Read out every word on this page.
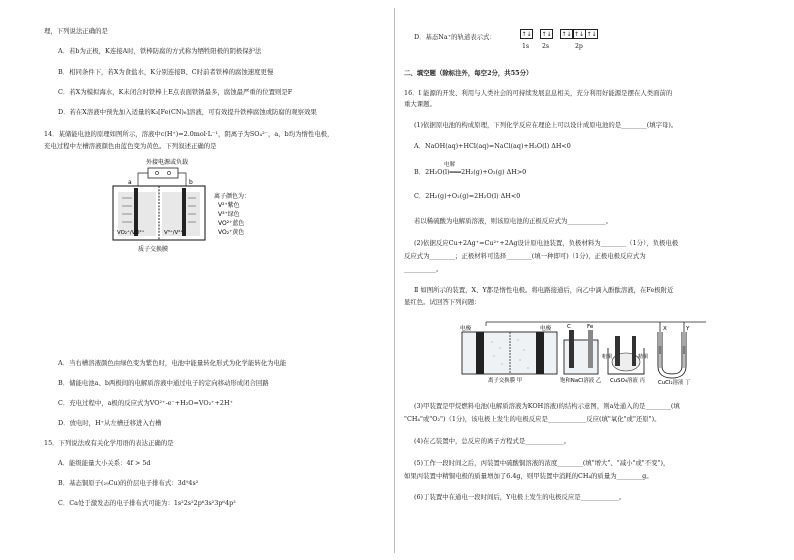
理，下列说法正确的是
A．若b为正极，K连接A时，铁棒防腐的方式称为牺牲阳极的阴极保护法
B．相同条件下，若X为食盐水，K分别连接B、C时前者铁棒的腐蚀速度更慢
C．若X为模拟海水，K未闭合时铁棒上E点表面铁锈最多，腐蚀最严重的位置则是F
D．若在X溶液中预先加入适量的K₃[Fe(CN)₆]溶液，可有效提升铁棒腐蚀或防腐的观察效果
14．某储能电池的原理如图所示，溶液中c(H⁺)=2.0mol·L⁻¹，阴离子为SO₄²⁻，a、b均为惰性电极，
充电过程中左槽溶液颜色由蓝色变为黄色。下列叙述正确的是
外接电源或负载
a	b
VO₂⁺/VO²⁺	V³⁺/V²⁺
离子颜色为：
V²⁺紫色
V³⁺绿色
VO²⁺蓝色
VO₂⁺黄色
质子交换膜
A．当右槽溶液颜色由绿色变为紫色时，电池中能量转化形式为化学能转化为电能
B．储能电池a、b两极间的电解质溶液中通过电子的定向移动形成闭合回路
C．充电过程中，a极的反应式为VO²⁺-e⁻+H₂O=VO₂⁺+2H⁺
D．放电时，H⁺从左槽迁移进入右槽
15．下列说法或有关化学用语的表达正确的是
A．能级能量大小关系：4f > 5d
B．基态铜原子(₂₉Cu)的价层电子排布式：3d⁹4s²
C．Ca处于激发态的电子排布式可能为：1s²2s²2p⁶3s²3p⁶4p²
D．基态Na⁺的轨道表示式：	↑↓ ↑↓ ↑↓ ↑↓ ↑↓
1s 2s	2p
二、填空题（除标注外，每空2分，共55分）
16．Ⅰ 能源的开发、利用与人类社会的可持续发展息息相关，充分利用好能源是摆在人类面前的
重大课题。
(1)依据原电池的构成原理，下列化学反应在理论上可以设计成原电池的是________(填字母)。
A．NaOH(aq)+HCl(aq)=NaCl(aq)+H₂O(l) ΔH<0
电解
B．2H₂O(l)═══2H₂(g)+O₂(g) ΔH>0
C．2H₂(g)+O₂(g)=2H₂O(l) ΔH<0
若以稀硫酸为电解质溶液，则该原电池的正极反应式为____________。
(2)依据反应Cu+2Ag⁺=Cu²⁺+2Ag设计原电池装置，负极材料为________（1分），负极电极
反应式为________；正极材料可选择________(填一种即可)（1分)，正极电极反应式为
__________。
Ⅱ 如图所示的装置，X、Y都是惰性电极。将电路接通后，向乙中滴入酚酞溶液，在Fe极附近
显红色。试回答下列问题：
电极	电极
离子交换膜 甲
C	Fe
饱和NaCl溶液 乙
粗铜	精铜
CuSO₄溶液 丙
X	Y
CuCl₂溶液 丁
(3)甲装置是甲烷燃料电池(电解质溶液为KOH溶液)的结构示意图，则a处通入的是________(填
"CH₄"或"O₂")（1分)，该电极上发生的电极反应是____________反应(填"氧化"或"还原")。
(4)在乙装置中，总反应的离子方程式是____________。
(5)工作一段时间之后，丙装置中硫酸铜溶液的浓度________(填"增大"、"减小"或"不变")，
如果丙装置中精铜电极的质量增加了6.4g，则甲装置中消耗的CH₄的质量为________g。
(6)丁装置中在通电一段时间后，Y电极上发生的电极反应是____________。
